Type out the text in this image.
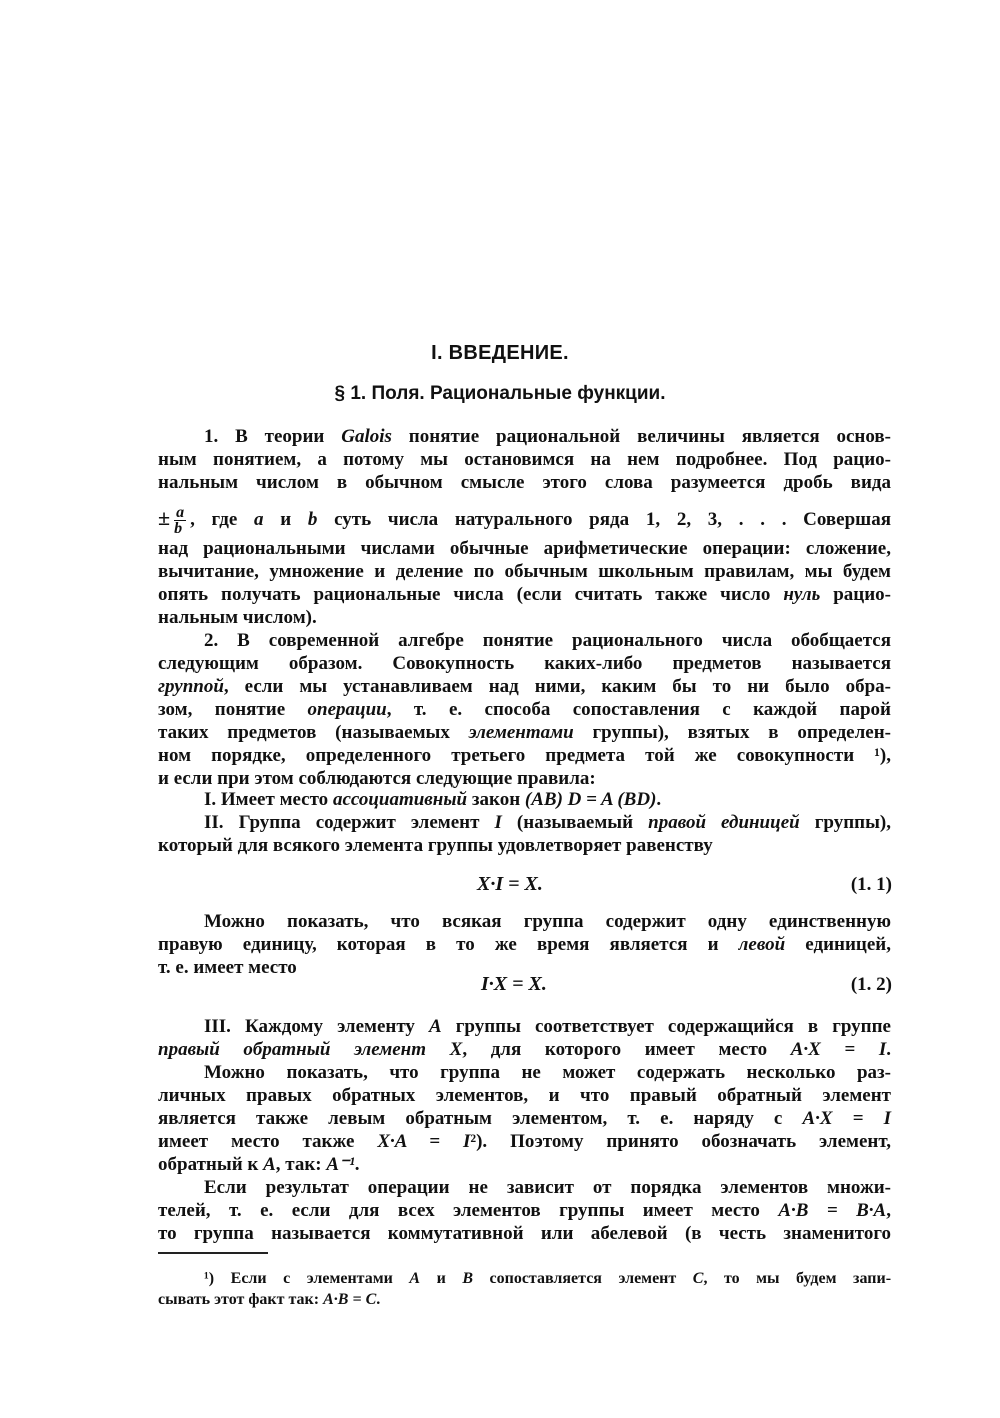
I. ВВЕДЕНИЕ.
§ 1. Поля. Рациональные функции.
1. В теории Galois понятие рациональной величины является основ-
ным понятием, а потому мы остановимся на нем подробнее. Под рацио-
нальным числом в обычном смысле этого слова разумеется дробь вида
± $\frac{a}{b}$ , где a и b суть числа натурального ряда 1, 2, 3, . . . Совершая
над рациональными числами обычные арифметические операции: сложение,
вычитание, умножение и деление по обычным школьным правилам, мы будем
опять получать рациональные числа (если считать также число нуль рацио-
нальным числом).
2. В современной алгебре понятие рационального числа обобщается
следующим образом. Совокупность каких-либо предметов называется
группой, если мы устанавливаем над ними, каким бы то ни было обра-
зом, понятие операции, т. е. способа сопоставления с каждой парой
таких предметов (называемых элементами группы), взятых в определен-
ном порядке, определенного третьего предмета той же совокупности ¹),
и если при этом соблюдаются следующие правила:
I. Имеет место ассоциативный закон (AB) D = A (BD).
II. Группа содержит элемент I (называемый правой единицей группы),
который для всякого элемента группы удовлетворяет равенству
Можно показать, что всякая группа содержит одну единственную
правую единицу, которая в то же время является и левой единицей,
т. е. имеет место
III. Каждому элементу A группы соответствует содержащийся в группе
правый обратный элемент X, для которого имеет место A·X = I.
Можно показать, что группа не может содержать несколько раз-
личных правых обратных элементов, и что правый обратный элемент
является также левым обратным элементом, т. е. наряду с A·X = I
имеет место также X·A = I²). Поэтому принято обозначать элемент,
обратный к A, так: A⁻¹.
Если результат операции не зависит от порядка элементов множи-
телей, т. е. если для всех элементов группы имеет место A·B = B·A,
то группа называется коммутативной или абелевой (в честь знаменитого
¹) Если с элементами A и B сопоставляется элемент C, то мы будем запи-
сывать этот факт так: A·B = C.
X·I = X.	(1. 1)
I·X = X.	(1. 2)
